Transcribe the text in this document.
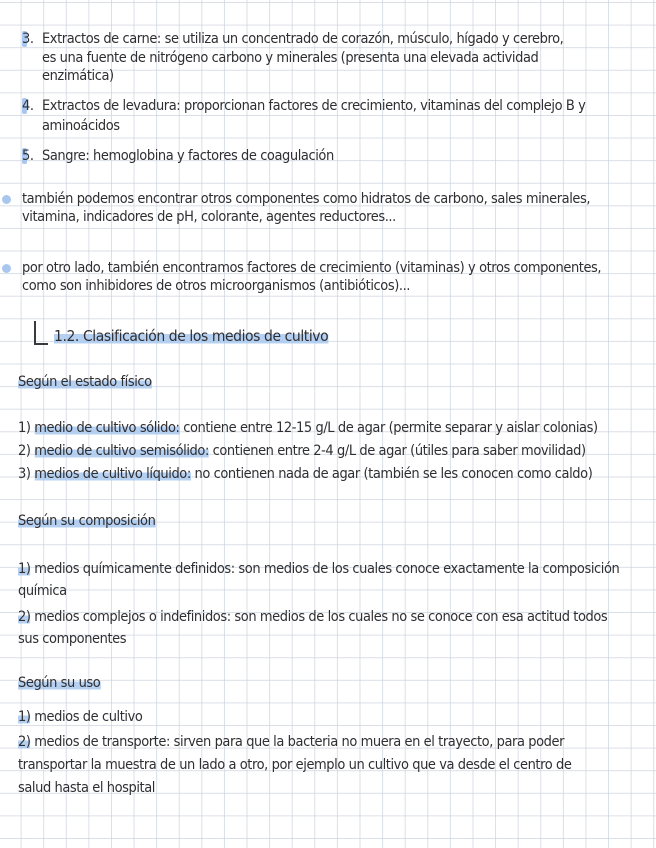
3. Extractos de carne: se utiliza un concentrado de corazón, músculo, hígado y cerebro,
es una fuente de nitrógeno carbono y minerales (presenta una elevada actividad
enzimática)
4. Extractos de levadura: proporcionan factores de crecimiento, vitaminas del complejo B y
aminoácidos
5. Sangre: hemoglobina y factores de coagulación
también podemos encontrar otros componentes como hidratos de carbono, sales minerales,
vitamina, indicadores de pH, colorante, agentes reductores...
por otro lado, también encontramos factores de crecimiento (vitaminas) y otros componentes,
como son inhibidores de otros microorganismos (antibióticos)...
1.2. Clasificación de los medios de cultivo
Según el estado físico
1) medio de cultivo sólido: contiene entre 12-15 g/L de agar (permite separar y aislar colonias)
2) medio de cultivo semisólido: contienen entre 2-4 g/L de agar (útiles para saber movilidad)
3) medios de cultivo líquido: no contienen nada de agar (también se les conocen como caldo)
Según su composición
1) medios químicamente definidos: son medios de los cuales conoce exactamente la composición
química
2) medios complejos o indefinidos: son medios de los cuales no se conoce con esa actitud todos
sus componentes
Según su uso
1) medios de cultivo
2) medios de transporte: sirven para que la bacteria no muera en el trayecto, para poder
transportar la muestra de un lado a otro, por ejemplo un cultivo que va desde el centro de
salud hasta el hospital
